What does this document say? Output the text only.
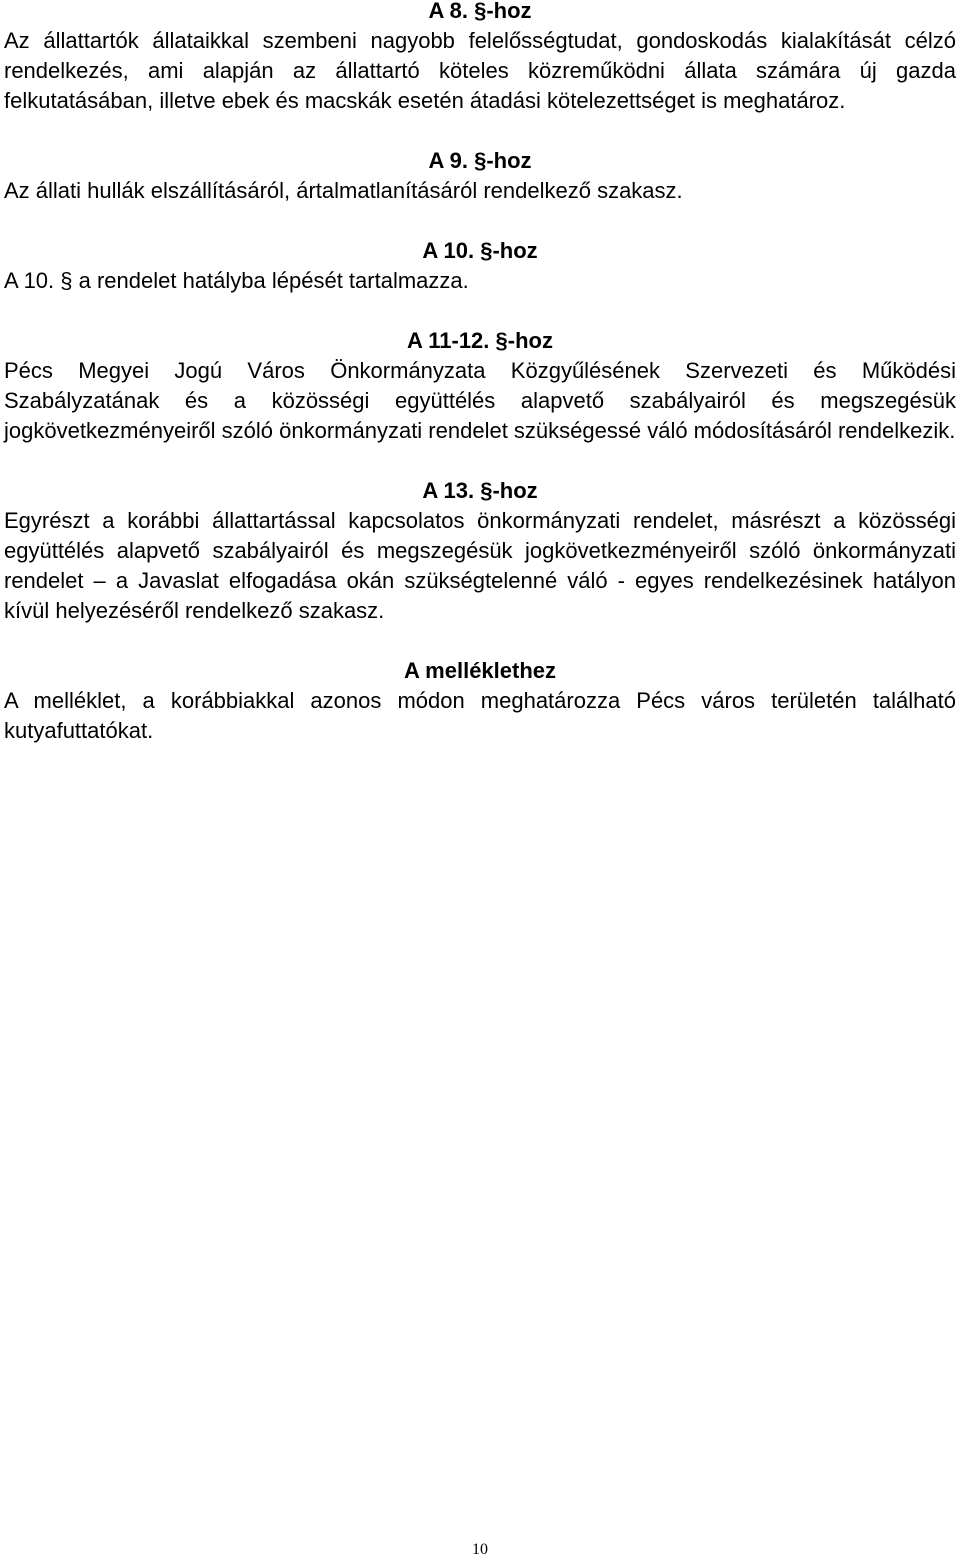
A 8. §-hoz

Az állattartók állataikkal szembeni nagyobb felelősségtudat, gondoskodás kialakítását célzó rendelkezés, ami alapján az állattartó köteles közreműködni állata számára új gazda felkutatásában, illetve ebek és macskák esetén átadási kötelezettséget is meghatároz.

A 9. §-hoz

Az állati hullák elszállításáról, ártalmatlanításáról rendelkező szakasz.

A 10. §-hoz

A 10. § a rendelet hatályba lépését tartalmazza.

A 11-12. §-hoz

Pécs Megyei Jogú Város Önkormányzata Közgyűlésének Szervezeti és Működési Szabályzatának és a közösségi együttélés alapvető szabályairól és megszegésük jogkövetkezményeiről szóló önkormányzati rendelet szükségessé váló módosításáról rendelkezik.

A 13. §-hoz

Egyrészt a korábbi állattartással kapcsolatos önkormányzati rendelet, másrészt a közösségi együttélés alapvető szabályairól és megszegésük jogkövetkezményeiről szóló önkormányzati rendelet – a Javaslat elfogadása okán szükségtelenné váló - egyes rendelkezésinek hatályon kívül helyezéséről rendelkező szakasz.

A melléklethez

A melléklet, a korábbiakkal azonos módon meghatározza Pécs város területén található kutyafuttatókat.

10
